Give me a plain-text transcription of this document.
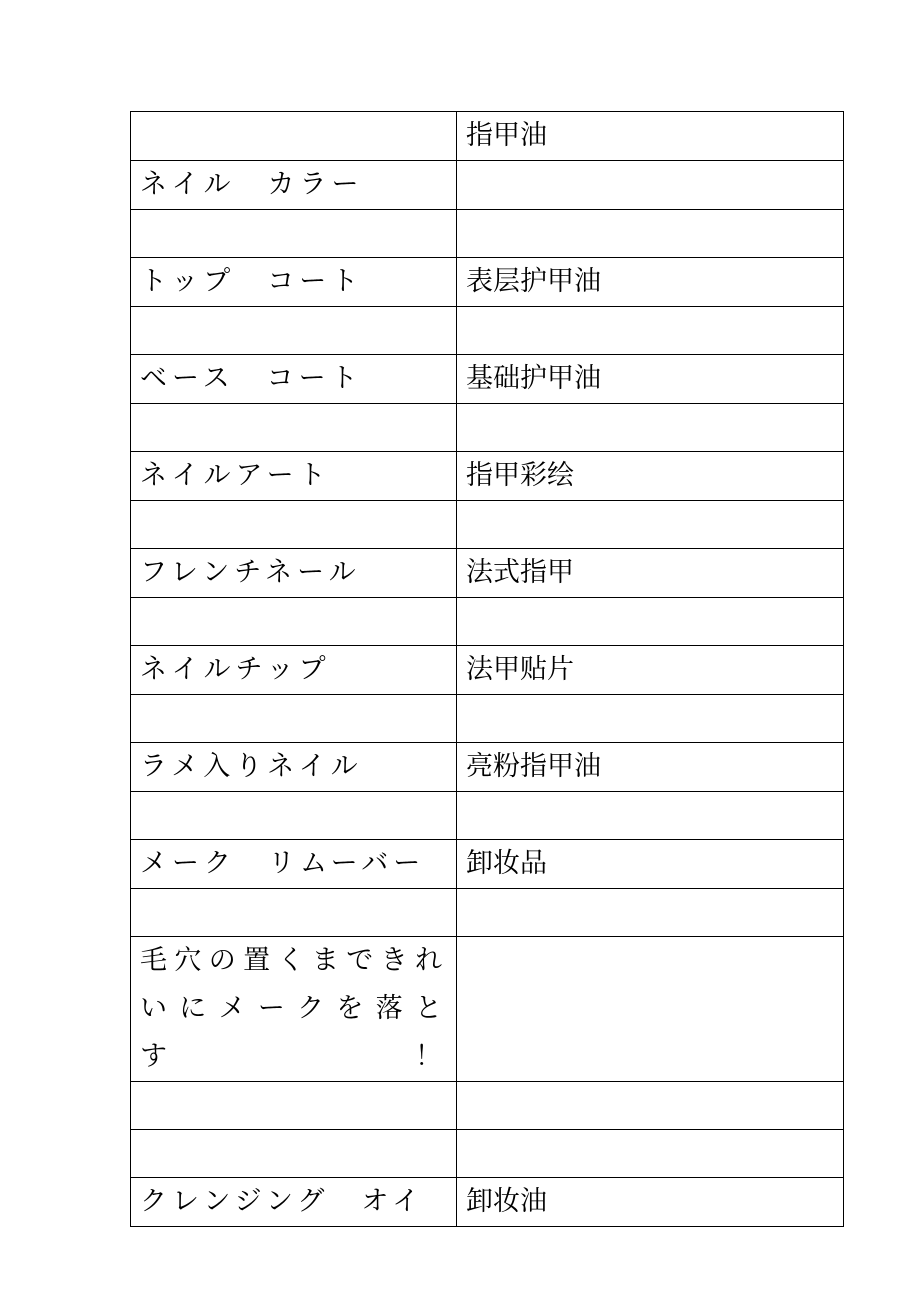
	指甲油
ネイル　カラー	

トップ　コート	表层护甲油

ベース　コート	基础护甲油

ネイルアート	指甲彩绘

フレンチネール	法式指甲

ネイルチップ	法甲贴片

ラメ入りネイル	亮粉指甲油

メーク　リムーバー	卸妆品

毛穴の置くまできれいにメークを落とす！	

クレンジング　オイ	卸妆油
